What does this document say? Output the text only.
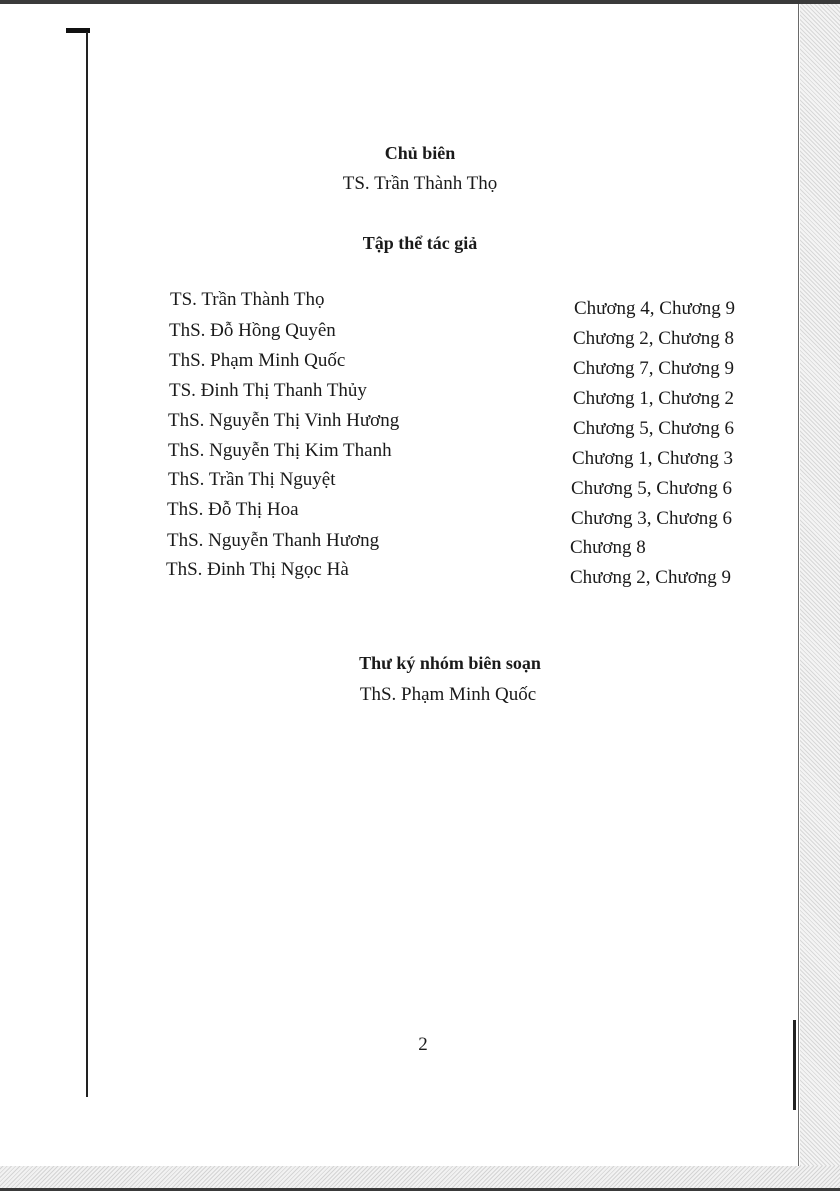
Chủ biên
TS. Trần Thành Thọ
Tập thể tác giả
TS. Trần Thành Thọ	Chương 4, Chương 9
ThS. Đỗ Hồng Quyên	Chương 2, Chương 8
ThS. Phạm Minh Quốc	Chương 7, Chương 9
TS. Đinh Thị Thanh Thủy	Chương 1, Chương 2
ThS. Nguyễn Thị Vinh Hương	Chương 5, Chương 6
ThS. Nguyễn Thị Kim Thanh	Chương 1, Chương 3
ThS. Trần Thị Nguyệt	Chương 5, Chương 6
ThS. Đỗ Thị Hoa	Chương 3, Chương 6
ThS. Nguyễn Thanh Hương	Chương 8
ThS. Đinh Thị Ngọc Hà	Chương 2, Chương 9
Thư ký nhóm biên soạn
ThS. Phạm Minh Quốc
2
